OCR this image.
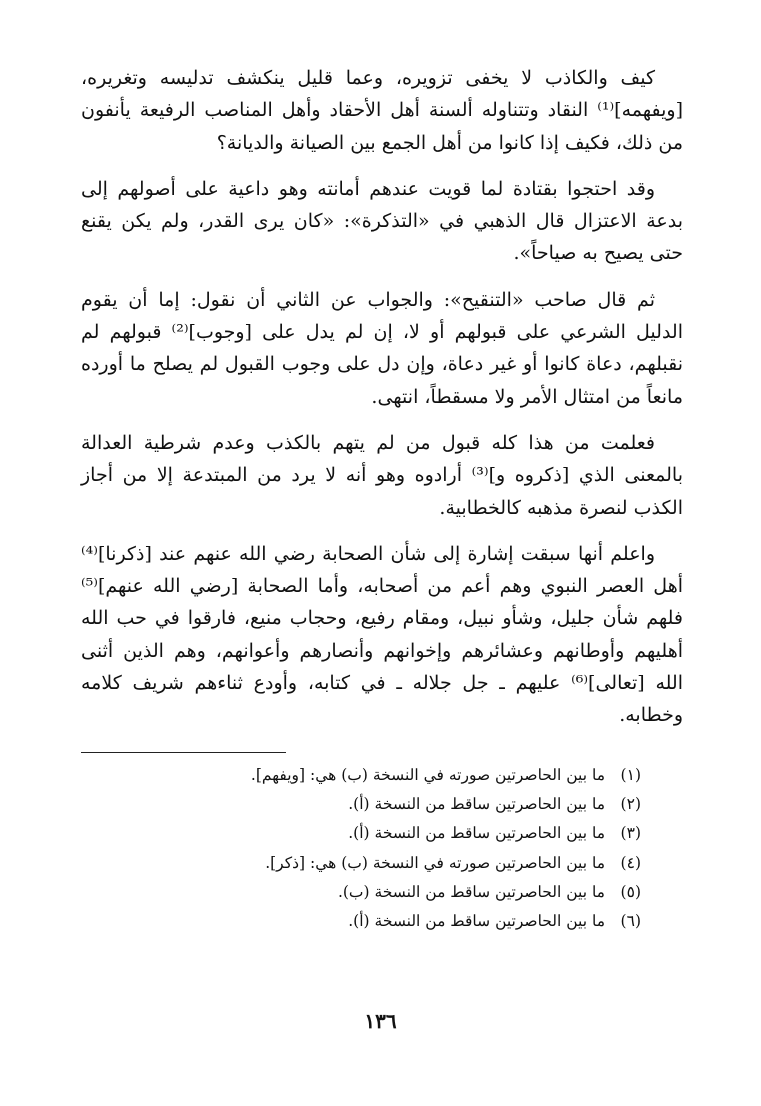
كيف والكاذب لا يخفى تزويره، وعما قليل ينكشف تدليسه وتغريره، [ويفهمه]⁽¹⁾ النقاد وتتناوله ألسنة أهل الأحقاد وأهل المناصب الرفيعة يأنفون من ذلك، فكيف إذا كانوا من أهل الجمع بين الصيانة والديانة؟

وقد احتجوا بقتادة لما قويت عندهم أمانته وهو داعية على أصولهم إلى بدعة الاعتزال قال الذهبي في «التذكرة»: «كان يرى القدر، ولم يكن يقنع حتى يصيح به صياحاً».

ثم قال صاحب «التنقيح»: والجواب عن الثاني أن نقول: إما أن يقوم الدليل الشرعي على قبولهم أو لا، إن لم يدل على [وجوب]⁽²⁾ قبولهم لم نقبلهم، دعاة كانوا أو غير دعاة، وإن دل على وجوب القبول لم يصلح ما أورده مانعاً من امتثال الأمر ولا مسقطاً، انتهى.

فعلمت من هذا كله قبول من لم يتهم بالكذب وعدم شرطية العدالة بالمعنى الذي [ذكروه و]⁽³⁾ أرادوه وهو أنه لا يرد من المبتدعة إلا من أجاز الكذب لنصرة مذهبه كالخطابية.

واعلم أنها سبقت إشارة إلى شأن الصحابة رضي الله عنهم عند [ذكرنا]⁽⁴⁾ أهل العصر النبوي وهم أعم من أصحابه، وأما الصحابة [رضي الله عنهم]⁽⁵⁾ فلهم شأن جليل، وشأو نبيل، ومقام رفيع، وحجاب منيع، فارقوا في حب الله أهليهم وأوطانهم وعشائرهم وإخوانهم وأنصارهم وأعوانهم، وهم الذين أثنى الله [تعالى]⁽⁶⁾ عليهم ـ جل جلاله ـ في كتابه، وأودع ثناءهم شريف كلامه وخطابه.

(١)
ما بين الحاصرتين صورته في النسخة (ب) هي: [ويفهم].
(٢)
ما بين الحاصرتين ساقط من النسخة (أ).
(٣)
ما بين الحاصرتين ساقط من النسخة (أ).
(٤)
ما بين الحاصرتين صورته في النسخة (ب) هي: [ذكر].
(٥)
ما بين الحاصرتين ساقط من النسخة (ب).
(٦)
ما بين الحاصرتين ساقط من النسخة (أ).
١٣٦
